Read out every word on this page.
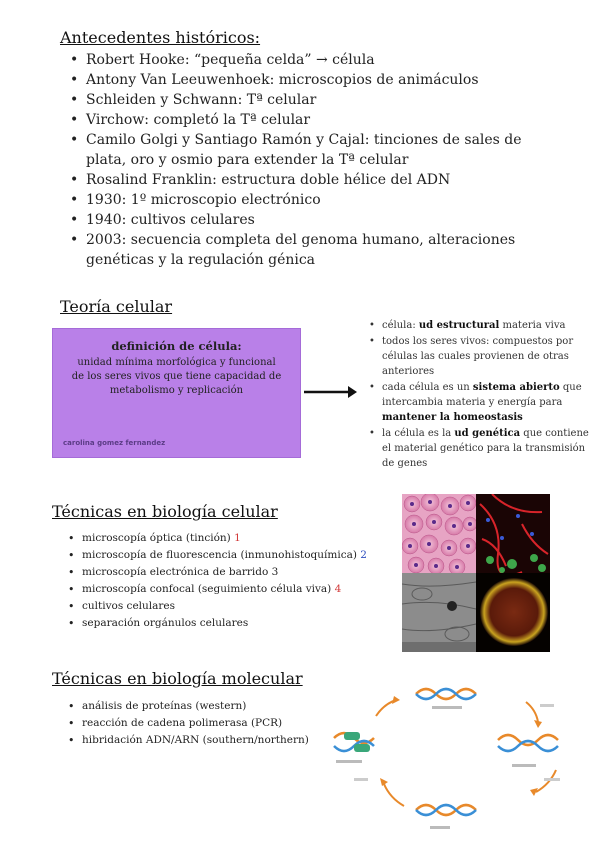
Antecedentes históricos:
• Robert Hooke: “pequeña celda” → célula
• Antony Van Leeuwenhoek: microscopios de animáculos
• Schleiden y Schwann: Tª celular
• Virchow: completó la Tª celular
• Camilo Golgi y Santiago Ramón y Cajal: tinciones de sales de plata, oro y osmio para extender la Tª celular
• Rosalind Franklin: estructura doble hélice del ADN
• 1930: 1º microscopio electrónico
• 1940: cultivos celulares
• 2003: secuencia completa del genoma humano, alteraciones genéticas y la regulación génica
Teoría celular
definición de célula:
unidad mínima morfológica y funcional de los seres vivos que tiene capacidad de metabolismo y replicación
carolina gomez fernandez
• célula: ud estructural materia viva
• todos los seres vivos: compuestos por células las cuales provienen de otras anteriores
• cada célula es un sistema abierto que intercambia materia y energía para mantener la homeostasis
• la célula es la ud genética que contiene el material genético para la transmisión de genes
Técnicas en biología celular
• microscopía óptica (tinción) 1
• microscopía de fluorescencia (inmunohistoquímica) 2
• microscopía electrónica de barrido 3
• microscopía confocal (seguimiento célula viva) 4
• cultivos celulares
• separación orgánulos celulares
Técnicas en biología molecular
• análisis de proteínas (western)
• reacción de cadena polimerasa (PCR)
• hibridación ADN/ARN (southern/northern)
